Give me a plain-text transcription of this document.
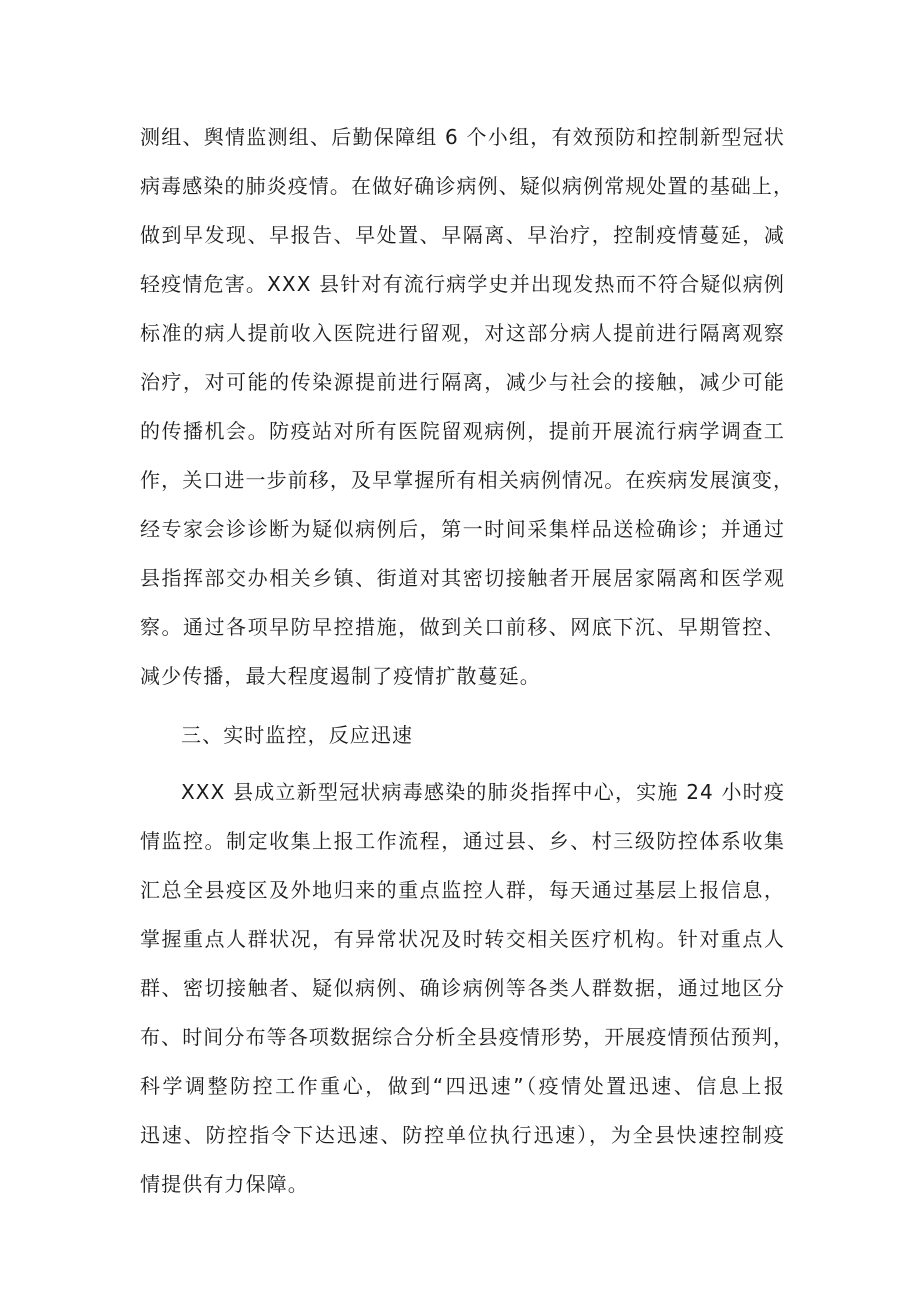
测组、舆情监测组、后勤保障组 6 个小组，有效预防和控制新型冠状
病毒感染的肺炎疫情。在做好确诊病例、疑似病例常规处置的基础上，
做到早发现、早报告、早处置、早隔离、早治疗，控制疫情蔓延，减
轻疫情危害。XXX 县针对有流行病学史并出现发热而不符合疑似病例
标准的病人提前收入医院进行留观，对这部分病人提前进行隔离观察
治疗，对可能的传染源提前进行隔离，减少与社会的接触，减少可能
的传播机会。防疫站对所有医院留观病例，提前开展流行病学调查工
作，关口进一步前移，及早掌握所有相关病例情况。在疾病发展演变，
经专家会诊诊断为疑似病例后，第一时间采集样品送检确诊；并通过
县指挥部交办相关乡镇、街道对其密切接触者开展居家隔离和医学观
察。通过各项早防早控措施，做到关口前移、网底下沉、早期管控、
减少传播，最大程度遏制了疫情扩散蔓延。
三、实时监控，反应迅速
XXX 县成立新型冠状病毒感染的肺炎指挥中心，实施 24 小时疫
情监控。制定收集上报工作流程，通过县、乡、村三级防控体系收集
汇总全县疫区及外地归来的重点监控人群，每天通过基层上报信息，
掌握重点人群状况，有异常状况及时转交相关医疗机构。针对重点人
群、密切接触者、疑似病例、确诊病例等各类人群数据，通过地区分
布、时间分布等各项数据综合分析全县疫情形势，开展疫情预估预判，
科学调整防控工作重心，做到“四迅速”（疫情处置迅速、信息上报
迅速、防控指令下达迅速、防控单位执行迅速），为全县快速控制疫
情提供有力保障。
